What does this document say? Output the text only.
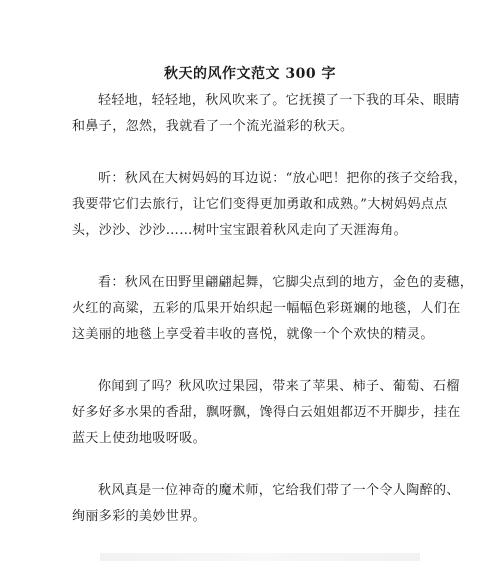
秋天的风作文范文 300 字
轻轻地，轻轻地，秋风吹来了。它抚摸了一下我的耳朵、眼睛
和鼻子，忽然，我就看了一个流光溢彩的秋天。
听：秋风在大树妈妈的耳边说：“放心吧！把你的孩子交给我，
我要带它们去旅行，让它们变得更加勇敢和成熟。”大树妈妈点点
头，沙沙、沙沙……树叶宝宝跟着秋风走向了天涯海角。
看：秋风在田野里翩翩起舞，它脚尖点到的地方，金色的麦穗，
火红的高粱，五彩的瓜果开始织起一幅幅色彩斑斓的地毯，人们在
这美丽的地毯上享受着丰收的喜悦，就像一个个欢快的精灵。
你闻到了吗？秋风吹过果园，带来了苹果、柿子、葡萄、石榴
好多好多水果的香甜，飘呀飘，馋得白云姐姐都迈不开脚步，挂在
蓝天上使劲地吸呀吸。
秋风真是一位神奇的魔术师，它给我们带了一个令人陶醉的、
绚丽多彩的美妙世界。
